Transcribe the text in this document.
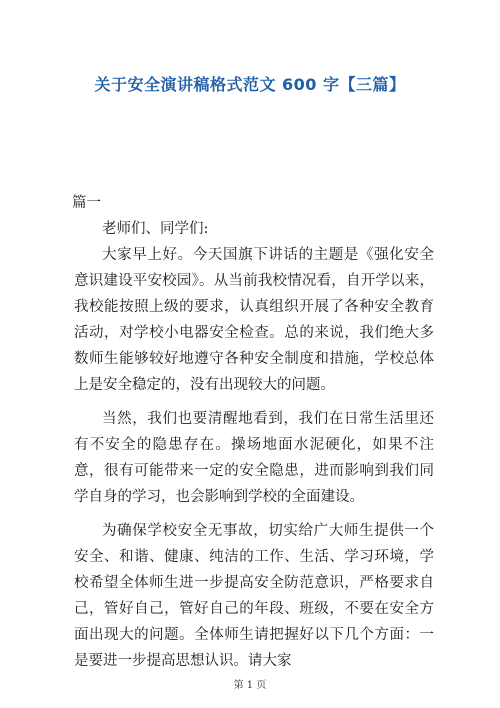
关于安全演讲稿格式范文 600 字【三篇】

篇一

老师们、同学们:

大家早上好。今天国旗下讲话的主题是《强化安全意识建设平安校园》。从当前我校情况看，自开学以来，我校能按照上级的要求，认真组织开展了各种安全教育活动，对学校小电器安全检查。总的来说，我们绝大多数师生能够较好地遵守各种安全制度和措施，学校总体上是安全稳定的，没有出现较大的问题。

当然，我们也要清醒地看到，我们在日常生活里还有不安全的隐患存在。操场地面水泥硬化，如果不注意，很有可能带来一定的安全隐患，进而影响到我们同学自身的学习，也会影响到学校的全面建设。

为确保学校安全无事故，切实给广大师生提供一个安全、和谐、健康、纯洁的工作、生活、学习环境，学校希望全体师生进一步提高安全防范意识，严格要求自己，管好自己，管好自己的年段、班级，不要在安全方面出现大的问题。全体师生请把握好以下几个方面：一是要进一步提高思想认识。请大家

第 1 页
